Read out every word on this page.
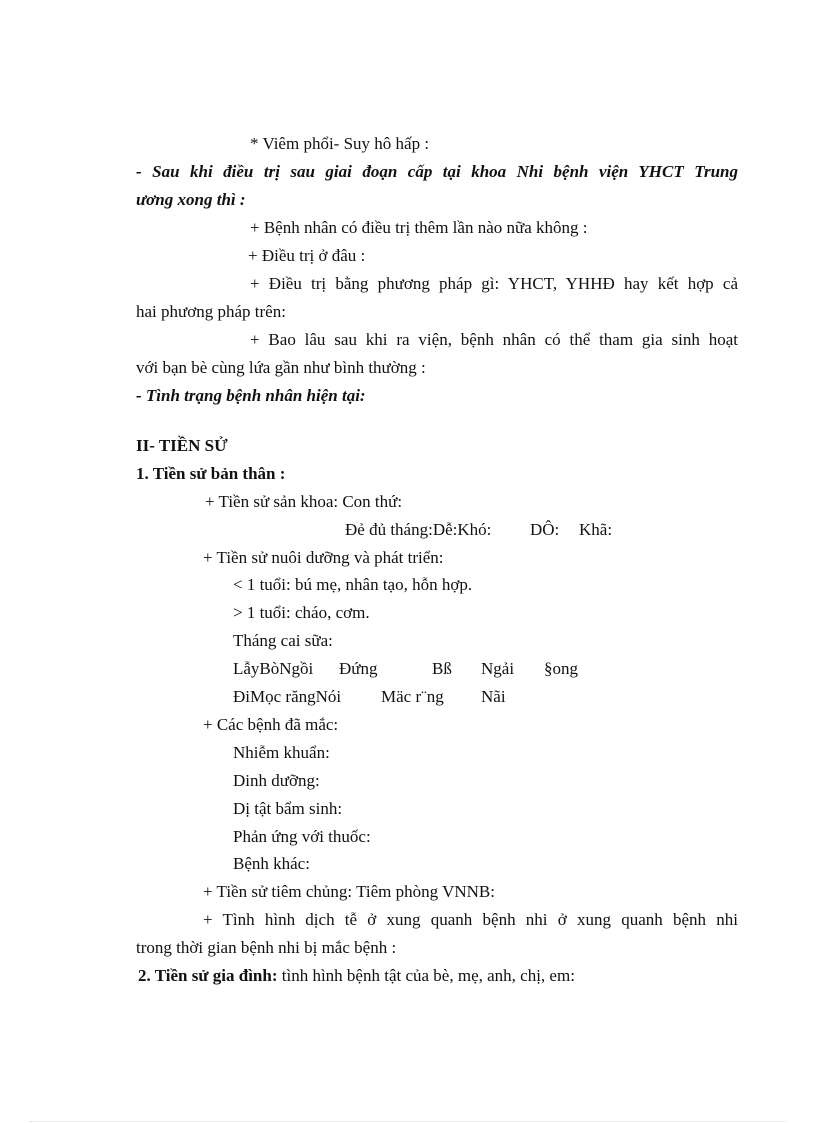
* Viêm phổi- Suy hô hấp :
- Sau khi điều trị sau giai đoạn cấp tại khoa Nhi bệnh viện YHCT Trung
ương xong thì :
+ Bệnh nhân có điều trị thêm lần nào nữa không :
+ Điều trị ở đâu :
+ Điều trị bằng phương pháp gì: YHCT, YHHĐ hay kết hợp cả
hai phương pháp trên:
+ Bao lâu sau khi ra viện, bệnh nhân có thể tham gia sinh hoạt
với bạn bè cùng lứa gần như bình thường :
- Tình trạng bệnh nhân hiện tại:
II- TIỀN SỬ
1. Tiền sử bản thân :
+ Tiền sử sản khoa: Con thứ:
Đẻ đủ tháng:Dễ:Khó: DÔ: Khã:
+ Tiền sử nuôi dưỡng và phát triển:
< 1 tuổi: bú mẹ, nhân tạo, hỗn hợp.
> 1 tuổi: cháo, cơm.
Tháng cai sữa:
LẫyBòNgồi Đứng	Bß Ngải §ong
ĐiMọc răngNói Mäc r¨ng Nãi
+ Các bệnh đã mắc:
Nhiễm khuẩn:
Dinh dưỡng:
Dị tật bẩm sinh:
Phản ứng với thuốc:
Bệnh khác:
+ Tiền sử tiêm chủng: Tiêm phòng VNNB:
+ Tình hình dịch tễ ở xung quanh bệnh nhi ở xung quanh bệnh nhi
trong thời gian bệnh nhi bị mắc bệnh :
2. Tiền sử gia đình: tình hình bệnh tật của bè, mẹ, anh, chị, em:
